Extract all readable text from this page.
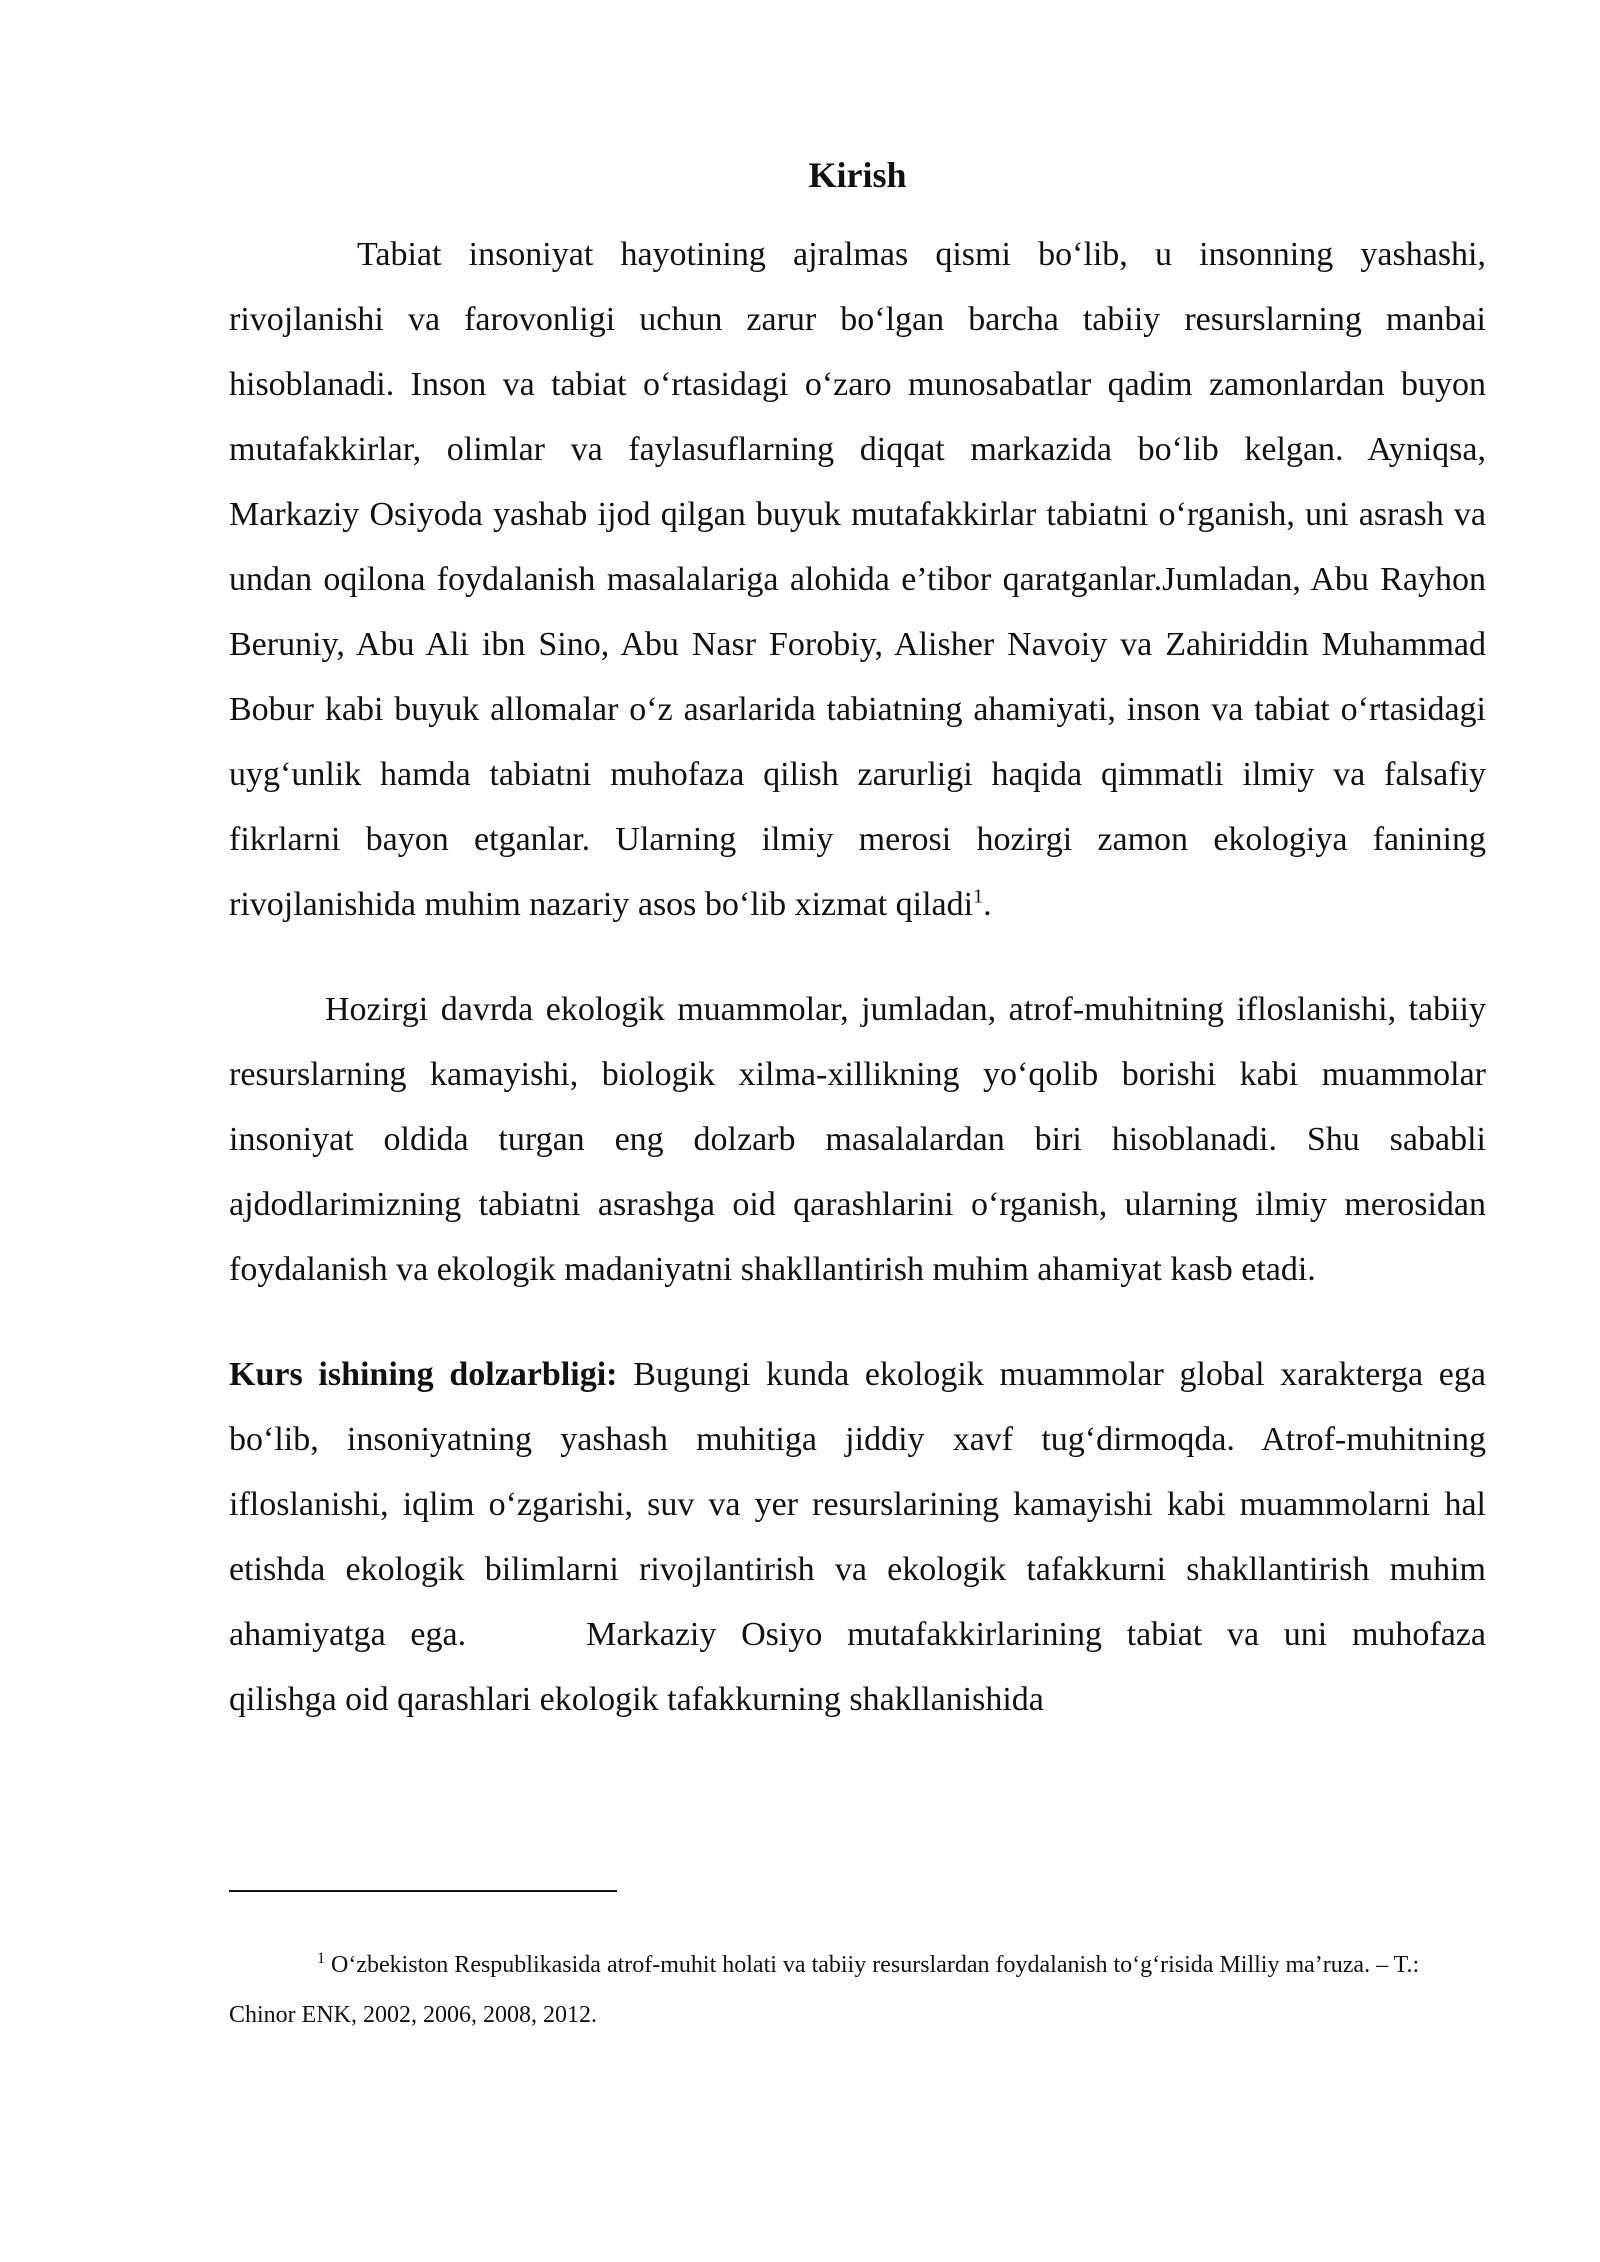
Kirish

Tabiat insoniyat hayotining ajralmas qismi bo‘lib, u insonning yashashi, rivojlanishi va farovonligi uchun zarur bo‘lgan barcha tabiiy resurslarning manbai hisoblanadi. Inson va tabiat o‘rtasidagi o‘zaro munosabatlar qadim zamonlardan buyon mutafakkirlar, olimlar va faylasuflarning diqqat markazida bo‘lib kelgan. Ayniqsa, Markaziy Osiyoda yashab ijod qilgan buyuk mutafakkirlar tabiatni o‘rganish, uni asrash va undan oqilona foydalanish masalalariga alohida e’tibor qaratganlar.Jumladan, Abu Rayhon Beruniy, Abu Ali ibn Sino, Abu Nasr Forobiy, Alisher Navoiy va Zahiriddin Muhammad Bobur kabi buyuk allomalar o‘z asarlarida tabiatning ahamiyati, inson va tabiat o‘rtasidagi uyg‘unlik hamda tabiatni muhofaza qilish zarurligi haqida qimmatli ilmiy va falsafiy fikrlarni bayon etganlar. Ularning ilmiy merosi hozirgi zamon ekologiya fanining rivojlanishida muhim nazariy asos bo‘lib xizmat qiladi$^1$.

Hozirgi davrda ekologik muammolar, jumladan, atrof-muhitning ifloslanishi, tabiiy resurslarning kamayishi, biologik xilma-xillikning yo‘qolib borishi kabi muammolar insoniyat oldida turgan eng dolzarb masalalardan biri hisoblanadi. Shu sababli ajdodlarimizning tabiatni asrashga oid qarashlarini o‘rganish, ularning ilmiy merosidan foydalanish va ekologik madaniyatni shakllantirish muhim ahamiyat kasb etadi.

Kurs ishining dolzarbligi: Bugungi kunda ekologik muammolar global xarakterga ega bo‘lib, insoniyatning yashash muhitiga jiddiy xavf tug‘dirmoqda. Atrof-muhitning ifloslanishi, iqlim o‘zgarishi, suv va yer resurslarining kamayishi kabi muammolarni hal etishda ekologik bilimlarni rivojlantirish va ekologik tafakkurni shakllantirish muhim ahamiyatga ega.	Markaziy Osiyo mutafakkirlarining tabiat va uni muhofaza qilishga oid qarashlari ekologik tafakkurning shakllanishida

$^1$ O‘zbekiston Respublikasida atrof-muhit holati va tabiiy resurslardan foydalanish to‘g‘risida Milliy ma’ruza. – T.: Chinor ENK, 2002, 2006, 2008, 2012.
